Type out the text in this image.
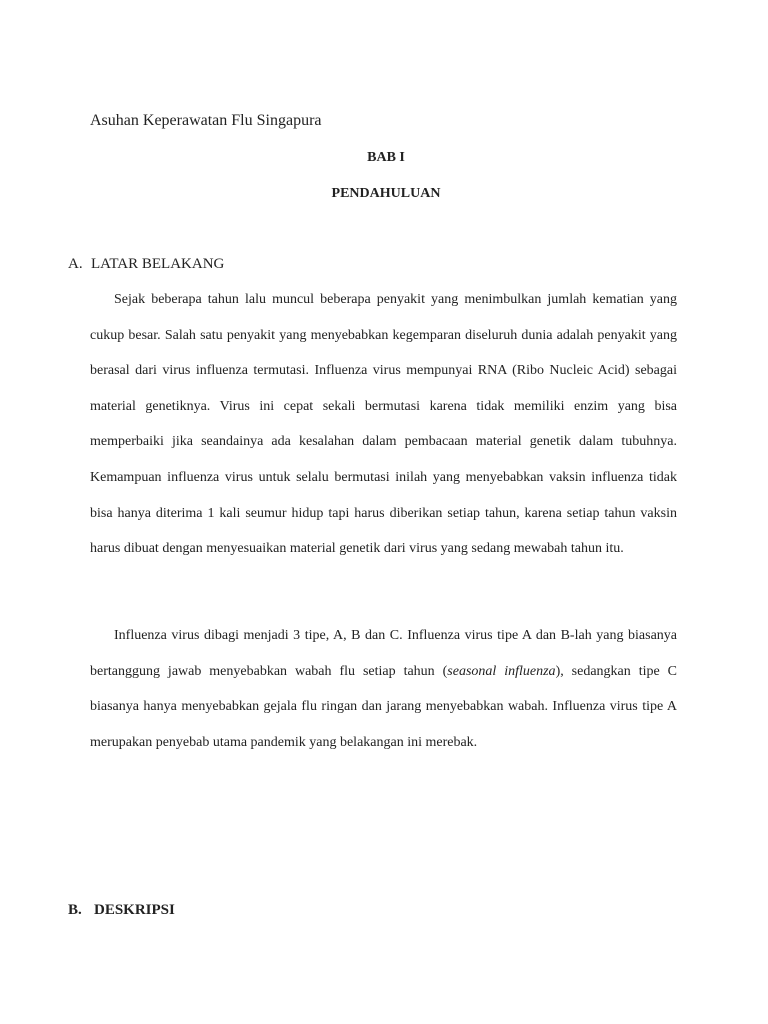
Asuhan Keperawatan Flu Singapura
BAB I
PENDAHULUAN
A. LATAR BELAKANG

Sejak beberapa tahun lalu muncul beberapa penyakit yang menimbulkan jumlah kematian yang cukup besar. Salah satu penyakit yang menyebabkan kegemparan diseluruh dunia adalah penyakit yang berasal dari virus influenza termutasi. Influenza virus mempunyai RNA (Ribo Nucleic Acid) sebagai material genetiknya. Virus ini cepat sekali bermutasi karena tidak memiliki enzim yang bisa memperbaiki jika seandainya ada kesalahan dalam pembacaan material genetik dalam tubuhnya. Kemampuan influenza virus untuk selalu bermutasi inilah yang menyebabkan vaksin influenza tidak bisa hanya diterima 1 kali seumur hidup tapi harus diberikan setiap tahun, karena setiap tahun vaksin harus dibuat dengan menyesuaikan material genetik dari virus yang sedang mewabah tahun itu.

Influenza virus dibagi menjadi 3 tipe, A, B dan C. Influenza virus tipe A dan B-lah yang biasanya bertanggung jawab menyebabkan wabah flu setiap tahun (seasonal influenza), sedangkan tipe C biasanya hanya menyebabkan gejala flu ringan dan jarang menyebabkan wabah. Influenza virus tipe A merupakan penyebab utama pandemik yang belakangan ini merebak.

B. DESKRIPSI
